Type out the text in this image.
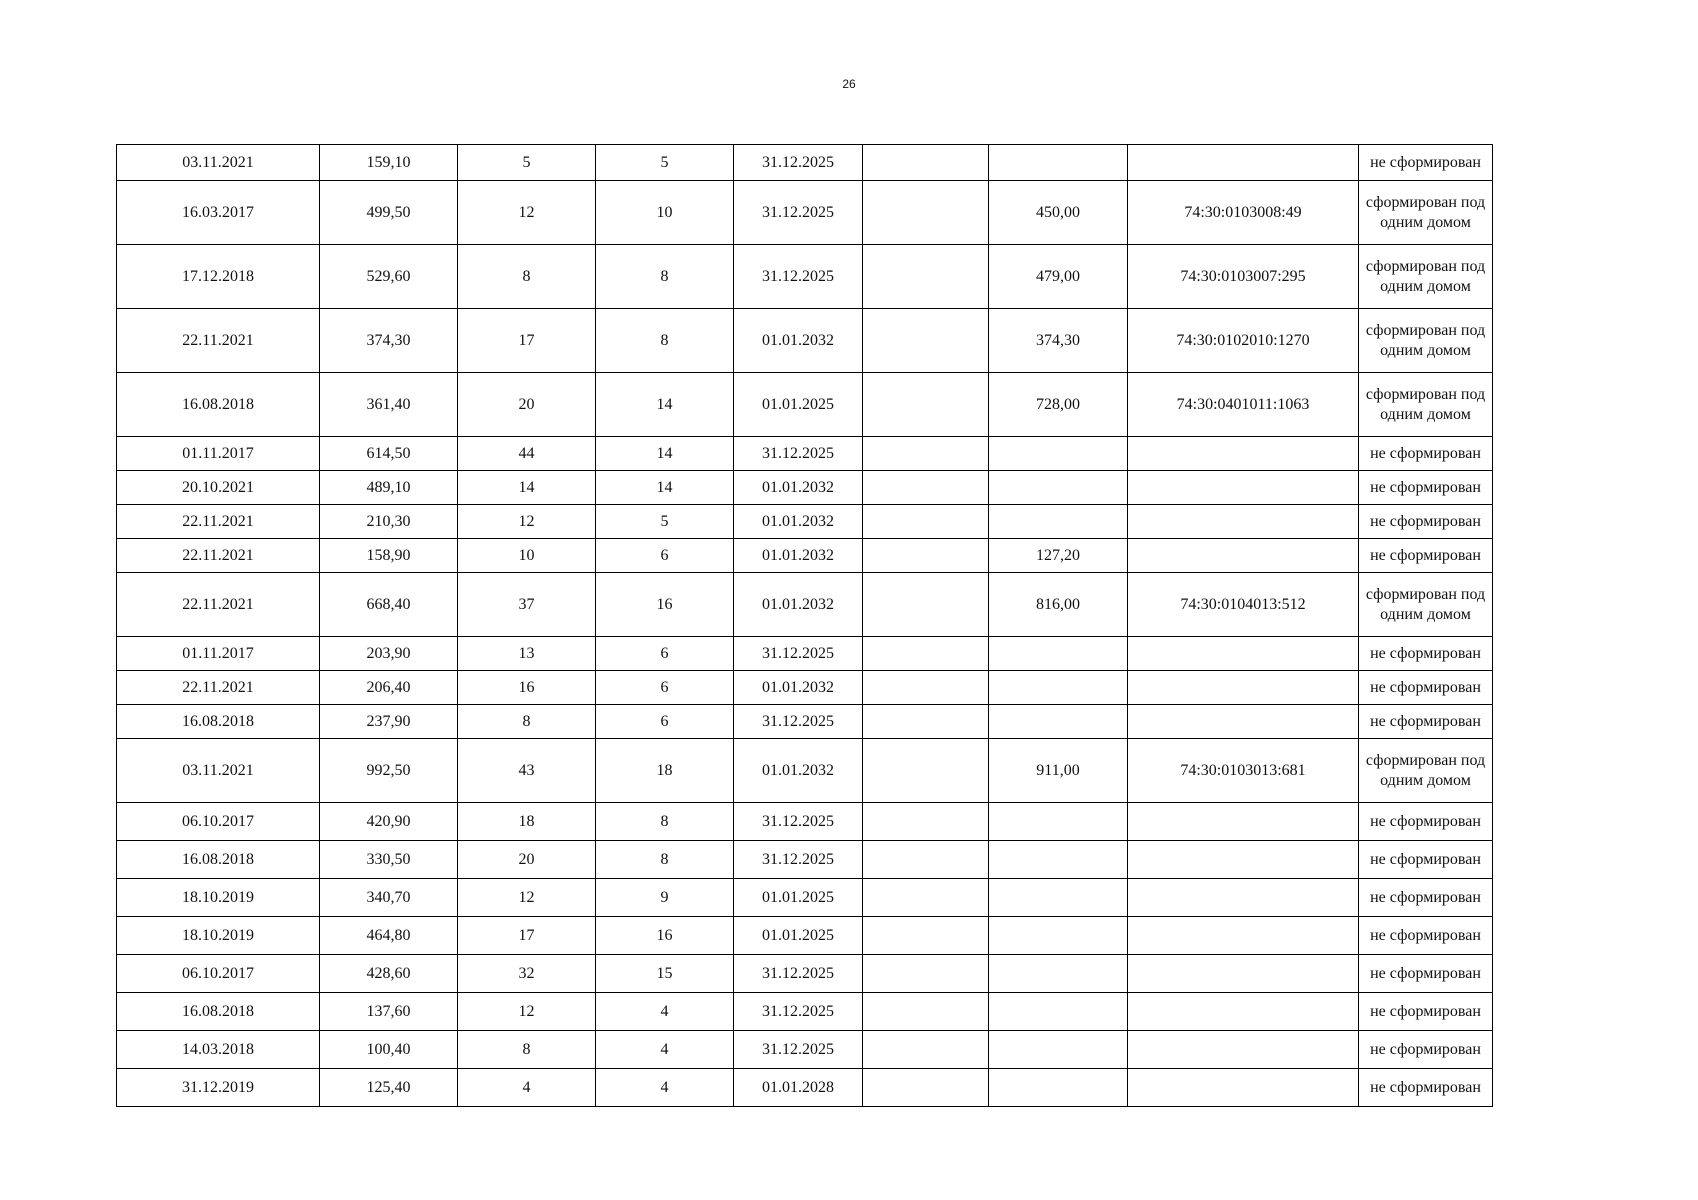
26
03.11.2021	159,10	5	5	31.12.2025				не сформирован
16.03.2017	499,50	12	10	31.12.2025		450,00	74:30:0103008:49	сформирован под одним домом
17.12.2018	529,60	8	8	31.12.2025		479,00	74:30:0103007:295	сформирован под одним домом
22.11.2021	374,30	17	8	01.01.2032		374,30	74:30:0102010:1270	сформирован под одним домом
16.08.2018	361,40	20	14	01.01.2025		728,00	74:30:0401011:1063	сформирован под одним домом
01.11.2017	614,50	44	14	31.12.2025				не сформирован
20.10.2021	489,10	14	14	01.01.2032				не сформирован
22.11.2021	210,30	12	5	01.01.2032				не сформирован
22.11.2021	158,90	10	6	01.01.2032		127,20		не сформирован
22.11.2021	668,40	37	16	01.01.2032		816,00	74:30:0104013:512	сформирован под одним домом
01.11.2017	203,90	13	6	31.12.2025				не сформирован
22.11.2021	206,40	16	6	01.01.2032				не сформирован
16.08.2018	237,90	8	6	31.12.2025				не сформирован
03.11.2021	992,50	43	18	01.01.2032		911,00	74:30:0103013:681	сформирован под одним домом
06.10.2017	420,90	18	8	31.12.2025				не сформирован
16.08.2018	330,50	20	8	31.12.2025				не сформирован
18.10.2019	340,70	12	9	01.01.2025				не сформирован
18.10.2019	464,80	17	16	01.01.2025				не сформирован
06.10.2017	428,60	32	15	31.12.2025				не сформирован
16.08.2018	137,60	12	4	31.12.2025				не сформирован
14.03.2018	100,40	8	4	31.12.2025				не сформирован
31.12.2019	125,40	4	4	01.01.2028				не сформирован
